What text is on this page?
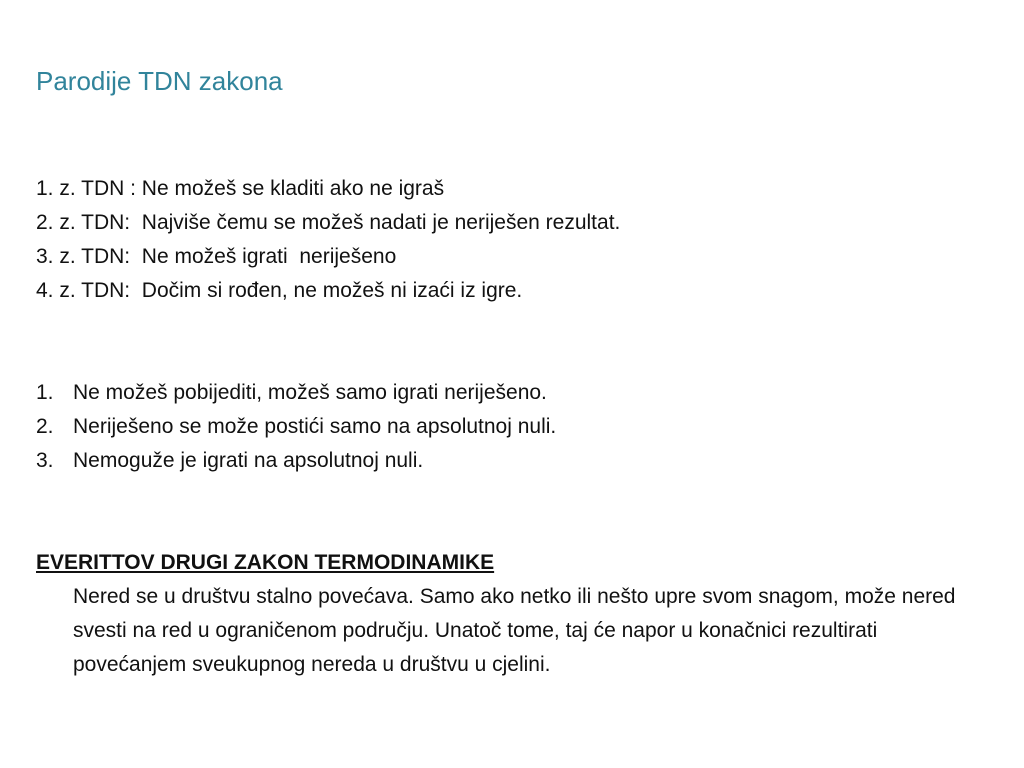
Parodije TDN zakona
1. z. TDN : Ne možeš se kladiti ako ne igraš
2. z. TDN:  Najviše čemu se možeš nadati je neriješen rezultat.
3. z. TDN:  Ne možeš igrati  neriješeno
4. z. TDN:  Dočim si rođen, ne možeš ni izaći iz igre.
1. Ne možeš pobijediti, možeš samo igrati neriješeno.
2. Neriješeno se može postići samo na apsolutnoj nuli.
3. Nemoguže je igrati na apsolutnoj nuli.
EVERITTOV DRUGI ZAKON TERMODINAMIKE
Nered se u društvu stalno povećava. Samo ako netko ili nešto upre svom snagom, može nered svesti na red u ograničenom području. Unatoč tome, taj će napor u konačnici rezultirati povećanjem sveukupnog nereda u društvu u cjelini.
